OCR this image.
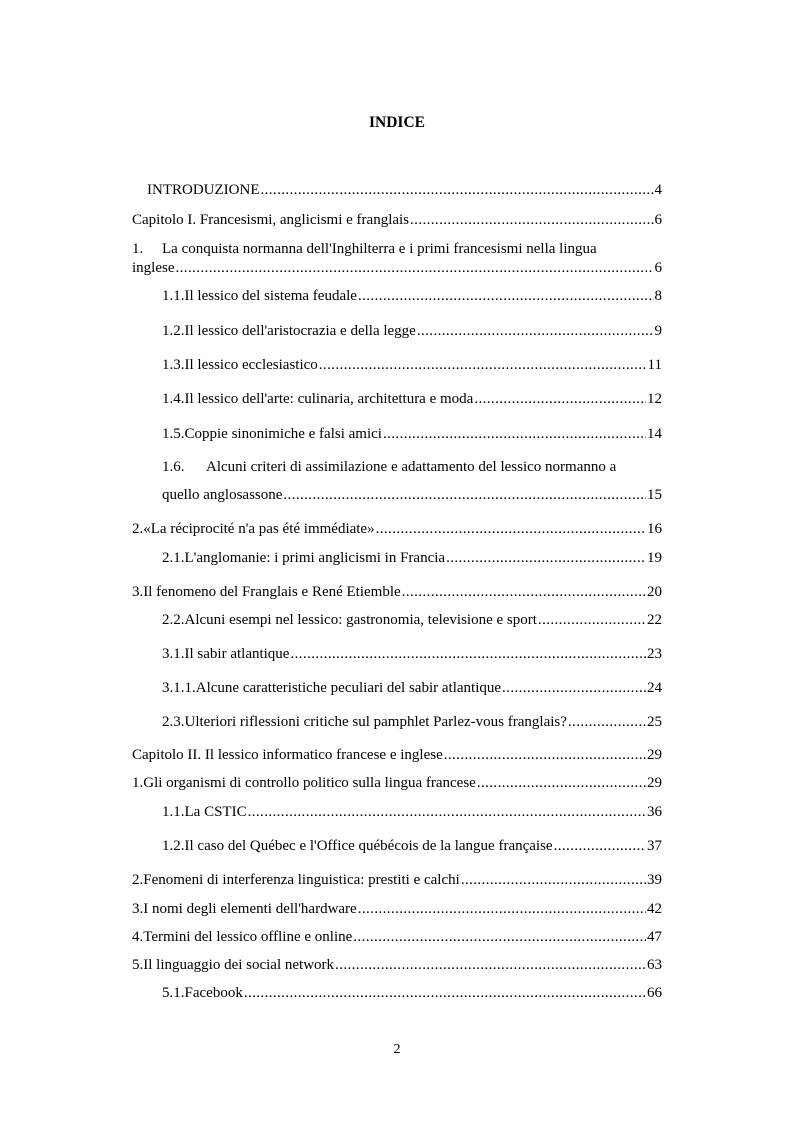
INDICE
INTRODUZIONE .....	4
Capitolo I. Francesismi, anglicismi e franglais .....	6
1. La conquista normanna dell'Inghilterra e i primi francesismi nella lingua
inglese .....	6
1.1. Il lessico del sistema feudale .....	8
1.2. Il lessico dell'aristocrazia e della legge .....	9
1.3. Il lessico ecclesiastico .....	11
1.4. Il lessico dell'arte: culinaria, architettura e moda .....	12
1.5. Coppie sinonimiche e falsi amici .....	14
1.6. Alcuni criteri di assimilazione e adattamento del lessico normanno a
quello anglosassone .....	15
2. «La réciprocité n'a pas été immédiate» .....	16
2.1. L'anglomanie: i primi anglicismi in Francia .....	19
3. Il fenomeno del Franglais e René Etiemble .....	20
2.2. Alcuni esempi nel lessico: gastronomia, televisione e sport .....	22
3.1. Il sabir atlantique .....	23
3.1.1. Alcune caratteristiche peculiari del sabir atlantique .....	24
2.3. Ulteriori riflessioni critiche sul pamphlet Parlez-vous franglais? .....	25
Capitolo II. Il lessico informatico francese e inglese .....	29
1. Gli organismi di controllo politico sulla lingua francese .....	29
1.1. La CSTIC .....	36
1.2. Il caso del Québec e l'Office québécois de la langue française .....	37
2. Fenomeni di interferenza linguistica: prestiti e calchi .....	39
3. I nomi degli elementi dell'hardware .....	42
4. Termini del lessico offline e online .....	47
5. Il linguaggio dei social network .....	63
5.1. Facebook .....	66
2
